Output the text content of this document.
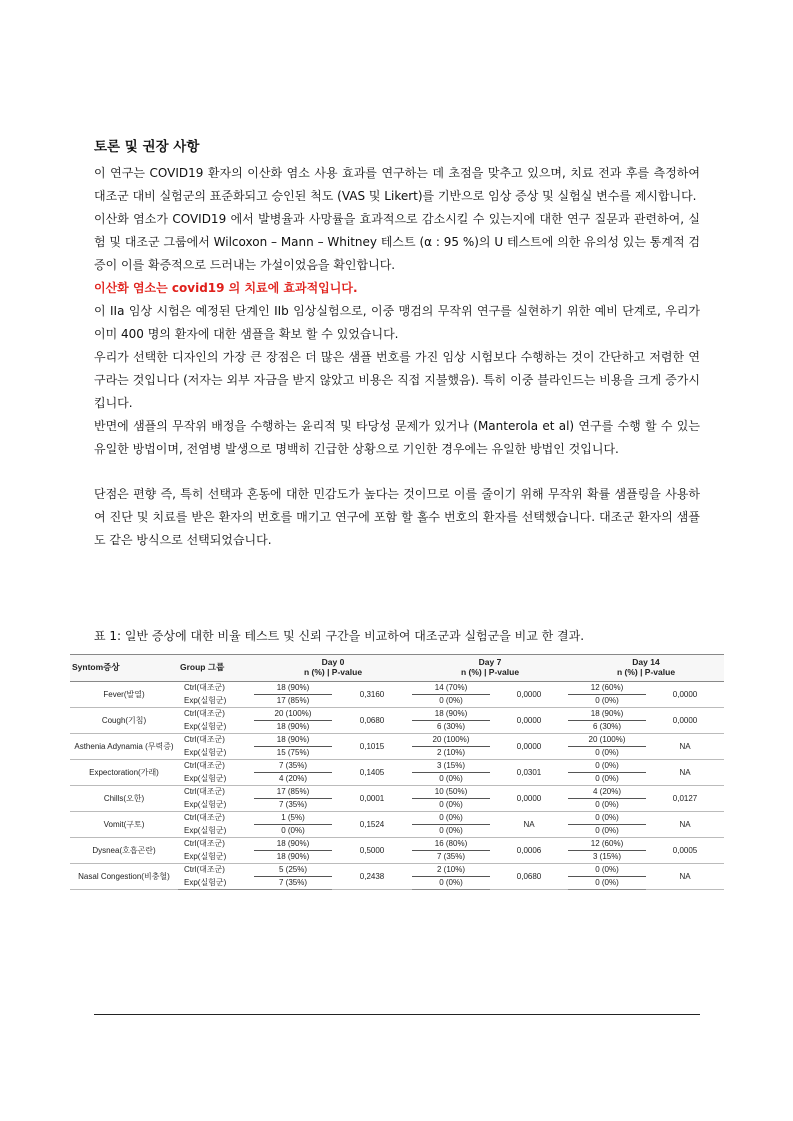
토론 및 권장 사항

이 연구는 COVID19 환자의 이산화 염소 사용 효과를 연구하는 데 초점을 맞추고 있으며, 치료 전과 후를 측정하여 대조군 대비 실험군의 표준화되고 승인된 척도 (VAS 및 Likert)를 기반으로 임상 증상 및 실험실 변수를 제시합니다.

이산화 염소가 COVID19 에서 발병율과 사망률을 효과적으로 감소시킬 수 있는지에 대한 연구 질문과 관련하여, 실험 및 대조군 그룹에서 Wilcoxon – Mann – Whitney 테스트 (α : 95 %)의 U 테스트에 의한 유의성 있는 통계적 검증이 이를 확증적으로 드러내는 가설이었음을 확인합니다.

이산화 염소는 covid19 의 치료에 효과적입니다.

이 IIa 임상 시험은 예정된 단계인 IIb 임상실험으로, 이중 맹검의 무작위 연구를 실현하기 위한 예비 단계로, 우리가 이미 400 명의 환자에 대한 샘플을 확보 할 수 있었습니다.

우리가 선택한 디자인의 가장 큰 장점은 더 많은 샘플 번호를 가진 임상 시험보다 수행하는 것이 간단하고 저렴한 연구라는 것입니다 (저자는 외부 자금을 받지 않았고 비용은 직접 지불했음). 특히 이중 블라인드는 비용을 크게 증가시킵니다.

반면에 샘플의 무작위 배정을 수행하는 윤리적 및 타당성 문제가 있거나 (Manterola et al) 연구를 수행 할 수 있는 유일한 방법이며, 전염병 발생으로 명백히 긴급한 상황으로 기인한 경우에는 유일한 방법인 것입니다.

단점은 편향 즉, 특히 선택과 혼동에 대한 민감도가 높다는 것이므로 이를 줄이기 위해 무작위 확률 샘플링을 사용하여 진단 및 치료를 받은 환자의 번호를 매기고 연구에 포함 할 홀수 번호의 환자를 선택했습니다. 대조군 환자의 샘플도 같은 방식으로 선택되었습니다.

표 1: 일반 증상에 대한 비율 테스트 및 신뢰 구간을 비교하여 대조군과 실험군을 비교 한 결과.

Syntom증상	Group 그룹	Day 0
n (%) | P-value		Day 7
n (%) | P-value		Day 14
n (%) | P-value	
Fever(발열)	Ctrl(대조군)	18 (90%)	0,3160	14 (70%)	0,0000	12 (60%)	0,0000
	Exp(실험군)	17 (85%)		0 (0%)		0 (0%)	
Cough(기침)	Ctrl(대조군)	20 (100%)	0,0680	18 (90%)	0,0000	18 (90%)	0,0000
	Exp(실험군)	18 (90%)		6 (30%)		6 (30%)	
Asthenia Adynamia (무력증)	Ctrl(대조군)	18 (90%)	0,1015	20 (100%)	0,0000	20 (100%)	NA
	Exp(실험군)	15 (75%)		2 (10%)		0 (0%)	
Expectoration(가래)	Ctrl(대조군)	7 (35%)	0,1405	3 (15%)	0,0301	0 (0%)	NA
	Exp(실험군)	4 (20%)		0 (0%)		0 (0%)	
Chills(오한)	Ctrl(대조군)	17 (85%)	0,0001	10 (50%)	0,0000	4 (20%)	0,0127
	Exp(실험군)	7 (35%)		0 (0%)		0 (0%)	
Vomit(구토)	Ctrl(대조군)	1 (5%)	0,1524	0 (0%)	NA	0 (0%)	NA
	Exp(실험군)	0 (0%)		0 (0%)		0 (0%)	
Dysnea(호흡곤란)	Ctrl(대조군)	18 (90%)	0,5000	16 (80%)	0,0006	12 (60%)	0,0005
	Exp(실험군)	18 (90%)		7 (35%)		3 (15%)	
Nasal Congestion(비충혈)	Ctrl(대조군)	5 (25%)	0,2438	2 (10%)	0,0680	0 (0%)	NA
	Exp(실험군)	7 (35%)		0 (0%)		0 (0%)	
